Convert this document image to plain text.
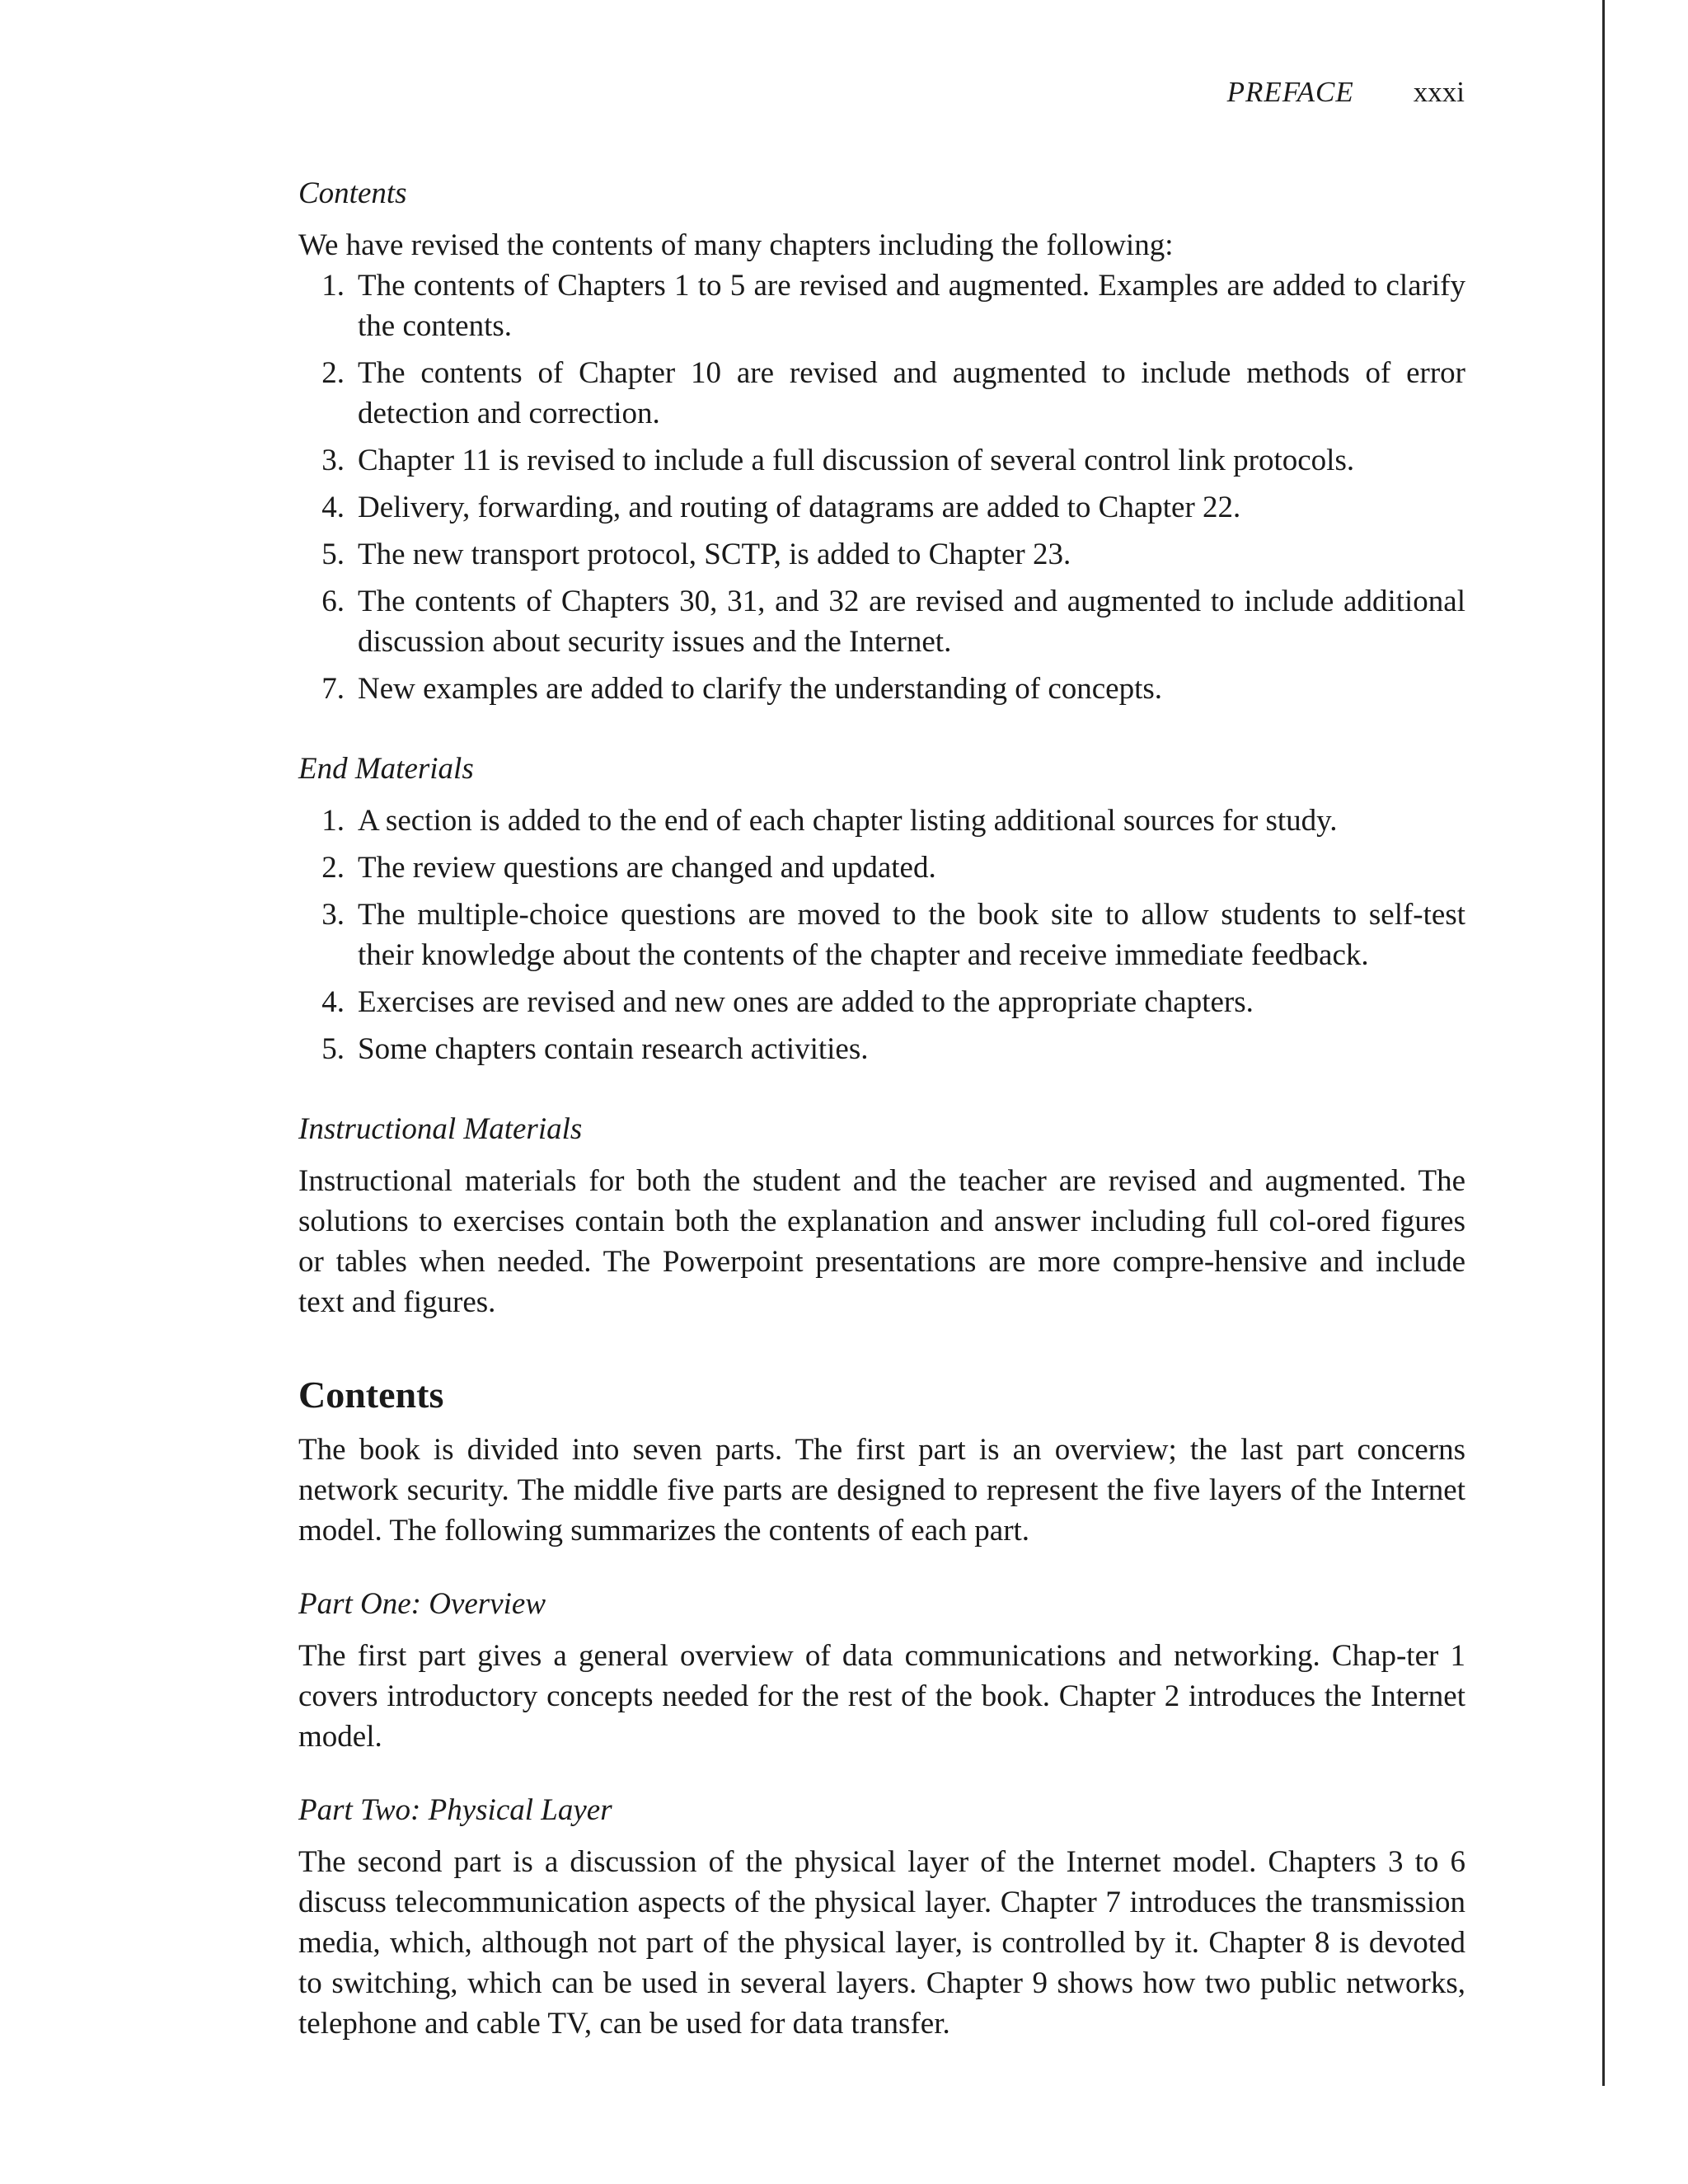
PREFACE xxxi

Contents

We have revised the contents of many chapters including the following:

1. The contents of Chapters 1 to 5 are revised and augmented. Examples are added to clarify the contents.
2. The contents of Chapter 10 are revised and augmented to include methods of error detection and correction.
3. Chapter 11 is revised to include a full discussion of several control link protocols.
4. Delivery, forwarding, and routing of datagrams are added to Chapter 22.
5. The new transport protocol, SCTP, is added to Chapter 23.
6. The contents of Chapters 30, 31, and 32 are revised and augmented to include additional discussion about security issues and the Internet.
7. New examples are added to clarify the understanding of concepts.

End Materials

1. A section is added to the end of each chapter listing additional sources for study.
2. The review questions are changed and updated.
3. The multiple-choice questions are moved to the book site to allow students to self-test their knowledge about the contents of the chapter and receive immediate feedback.
4. Exercises are revised and new ones are added to the appropriate chapters.
5. Some chapters contain research activities.

Instructional Materials

Instructional materials for both the student and the teacher are revised and augmented. The solutions to exercises contain both the explanation and answer including full col-ored figures or tables when needed. The Powerpoint presentations are more compre-hensive and include text and figures.

Contents

The book is divided into seven parts. The first part is an overview; the last part concerns network security. The middle five parts are designed to represent the five layers of the Internet model. The following summarizes the contents of each part.

Part One: Overview

The first part gives a general overview of data communications and networking. Chap-ter 1 covers introductory concepts needed for the rest of the book. Chapter 2 introduces the Internet model.

Part Two: Physical Layer

The second part is a discussion of the physical layer of the Internet model. Chapters 3 to 6 discuss telecommunication aspects of the physical layer. Chapter 7 introduces the transmission media, which, although not part of the physical layer, is controlled by it. Chapter 8 is devoted to switching, which can be used in several layers. Chapter 9 shows how two public networks, telephone and cable TV, can be used for data transfer.
